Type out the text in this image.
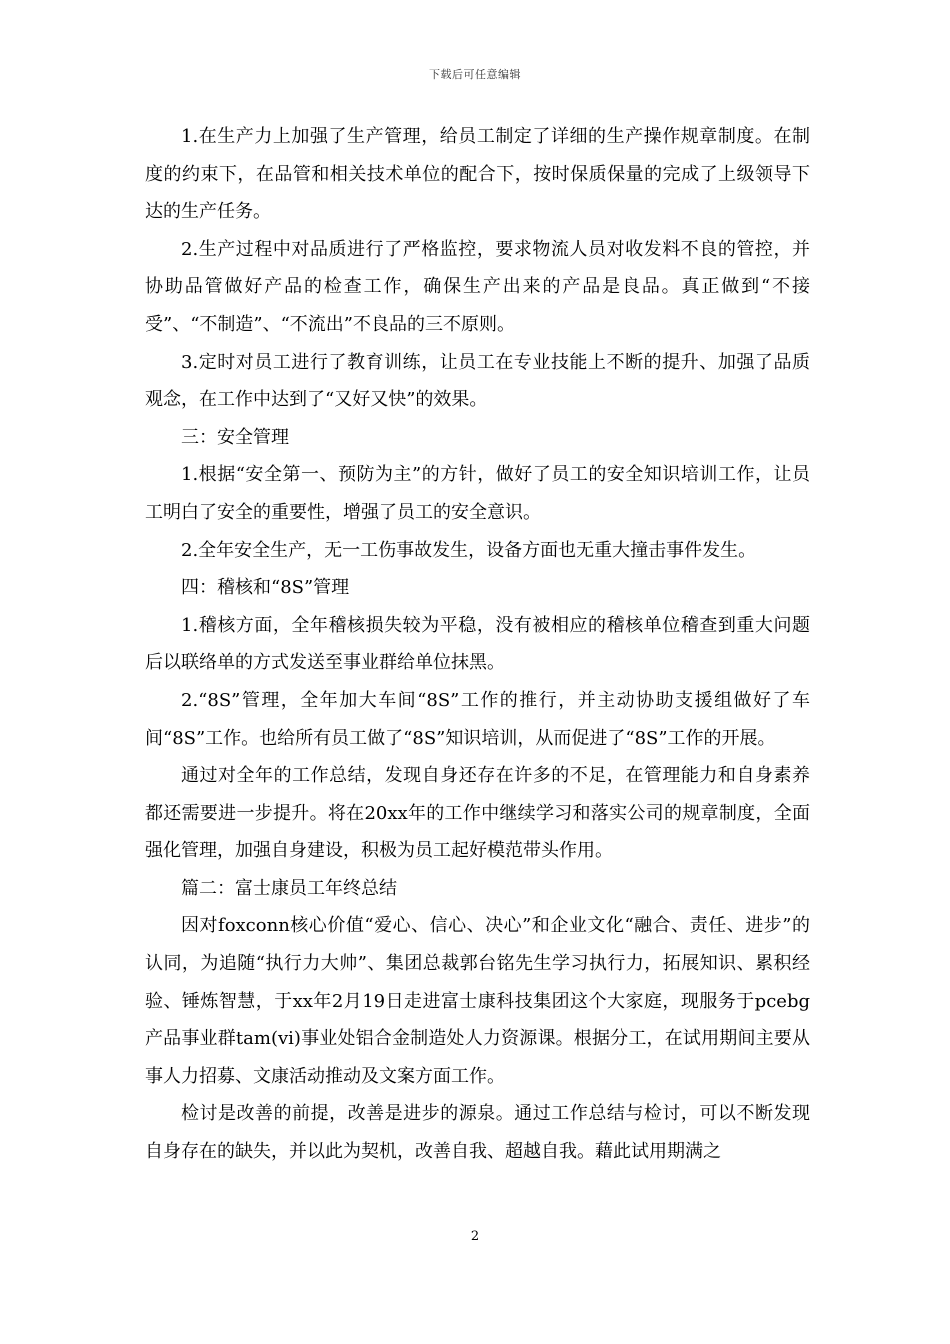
下载后可任意编辑

1.在生产力上加强了生产管理，给员工制定了详细的生产操作规章制度。在制度的约束下，在品管和相关技术单位的配合下，按时保质保量的完成了上级领导下达的生产任务。

2.生产过程中对品质进行了严格监控，要求物流人员对收发料不良的管控，并协助品管做好产品的检查工作，确保生产出来的产品是良品。真正做到“不接受”、“不制造”、“不流出”不良品的三不原则。

3.定时对员工进行了教育训练，让员工在专业技能上不断的提升、加强了品质观念，在工作中达到了“又好又快”的效果。

三：安全管理

1.根据“安全第一、预防为主”的方针，做好了员工的安全知识培训工作，让员工明白了安全的重要性，增强了员工的安全意识。

2.全年安全生产，无一工伤事故发生，设备方面也无重大撞击事件发生。

四：稽核和“8S”管理

1.稽核方面，全年稽核损失较为平稳，没有被相应的稽核单位稽查到重大问题后以联络单的方式发送至事业群给单位抹黑。

2.“8S”管理，全年加大车间“8S”工作的推行，并主动协助支援组做好了车间“8S”工作。也给所有员工做了“8S”知识培训，从而促进了“8S”工作的开展。

通过对全年的工作总结，发现自身还存在许多的不足，在管理能力和自身素养都还需要进一步提升。将在20xx年的工作中继续学习和落实公司的规章制度，全面强化管理，加强自身建设，积极为员工起好模范带头作用。

篇二：富士康员工年终总结

因对foxconn核心价值“爱心、信心、决心”和企业文化“融合、责任、进步”的认同，为追随“执行力大帅”、集团总裁郭台铭先生学习执行力，拓展知识、累积经验、锤炼智慧，于xx年2月19日走进富士康科技集团这个大家庭，现服务于pcebg产品事业群tam(vi)事业处铝合金制造处人力资源课。根据分工，在试用期间主要从事人力招募、文康活动推动及文案方面工作。

检讨是改善的前提，改善是进步的源泉。通过工作总结与检讨，可以不断发现自身存在的缺失，并以此为契机，改善自我、超越自我。藉此试用期满之

2
